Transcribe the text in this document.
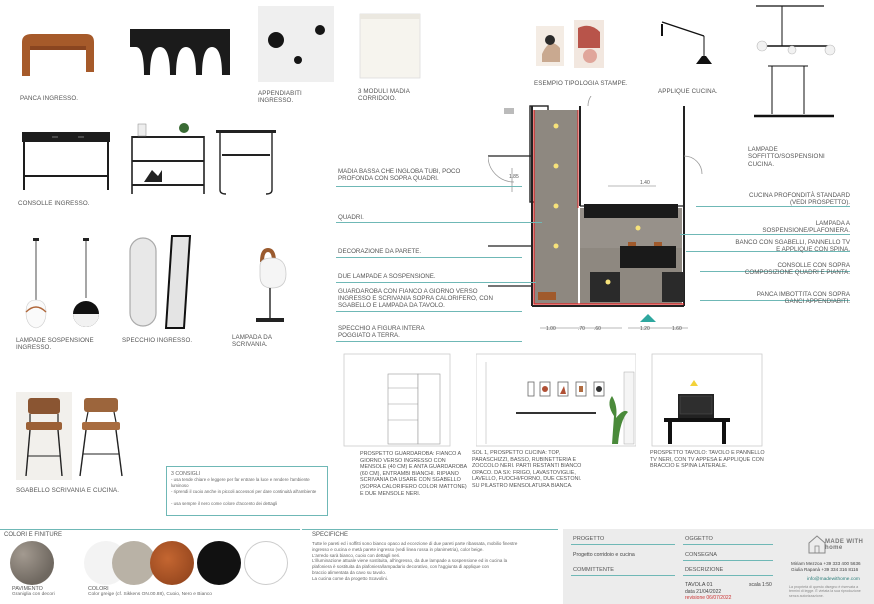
PANCA INGRESSO.
APPENDIABITI INGRESSO.
3 MODULI MADIA CORRIDOIO.
ESEMPIO TIPOLOGIA STAMPE.
APPLIQUE CUCINA.
LAMPADE SOFFITTO/SOSPENSIONI CUCINA.
CONSOLLE INGRESSO.
LAMPADE SOSPENSIONE INGRESSO.
SPECCHIO INGRESSO.	LAMPADA DA SCRIVANIA.
SGABELLO SCRIVANIA E CUCINA.
1.85
1.40
1.00	.70 .60	1.20	1.60
MADIA BASSA CHE INGLOBA TUBI, POCO PROFONDA CON SOPRA QUADRI.
QUADRI.
DECORAZIONE DA PARETE.
DUE LAMPADE A SOSPENSIONE.
GUARDAROBA CON FIANCO A GIORNO VERSO INGRESSO E SCRIVANIA SOPRA CALORIFERO, CON SGABELLO E LAMPADA DA TAVOLO.
SPECCHIO A FIGURA INTERA POGGIATO A TERRA.
CUCINA PROFONDITÀ STANDARD (VEDI PROSPETTO).
LAMPADA A SOSPENSIONE/PLAFONIERA.
BANCO CON SGABELLI, PANNELLO TV E APPLIQUE CON SPINA.
CONSOLLE CON SOPRA COMPOSIZIONE QUADRI E PIANTA.
PANCA IMBOTTITA CON SOPRA GANCI APPENDIABITI.
PROSPETTO GUARDAROBA: FIANCO A GIORNO VERSO INGRESSO CON MENSOLE (40 CM) E ANTA GUARDAROBA (60 CM), ENTRAMBI BIANCHI. RIPIANO SCRIVANIA DA USARE CON SGABELLO (SOPRA CALORIFERO COLOR MATTONE) E DUE MENSOLE NERI.
SOL 1, PROSPETTO CUCINA: TOP, PARASCHIZZI, BASSO, RUBINETTERIA E ZOCCOLO NERI. PARTI RESTANTI BIANCO OPACO. DA SX: FRIGO, LAVASTOVIGLIE, LAVELLO, FUOCHI/FORNO, DUE CESTONI. SU PILASTRO MENSOLATURA BIANCA.
PROSPETTO TAVOLO: TAVOLO E PANNELLO TV NERI, CON TV APPESA E APPLIQUE CON BRACCIO E SPINA LATERALE.
3 CONSIGLI
- usa tende chiare e leggere per far entrare la luce e rendere l'ambiente luminoso
- riprendi il cuoio anche in piccoli accessori per dare continuità all'ambiente
- usa sempre il nero come colore d'accento dei dettagli
COLORI E FINITURE
PAVIMENTO
Graniglia con decori
COLORI
Color greige (cf. Sikkens ON.00.88), Cuoio, Nero e Bianco
SPECIFICHE
Tutte le pareti ed i soffitti sono bianco opaco ad eccezione di due pareti parte ribassata, mobilio finestre
ingresso e cucina e metà parete ingresso (vedi linea rossa in planimetria), color beige.
L'arredo sarà bianco, cuoio con dettagli neri.
L'illuminazione attuale viene sostituita, all'ingresso, da due lampade a sospensione ed in cucina la
plafoniera è sostituita da plafoniera/lampadario decorativo, con l'aggiunta di applique con
braccio alimentata da cavo su tavolo.
La cucina come da progetto Scavolini.
PROGETTO
Progetto corridoio e cucina
COMMITTENTE
OGGETTO
CONSEGNA
DESCRIZIONE
TAVOLA 01	scala 1:50
data 21/04/2022
revisione 06/07/2022
MADE WITH home
Miriam Mezzoa +39 333 400 5636
Giulia Rapanà +39 334 316 8116
info@madewithome.com
La proprietà di questo disegno è riservata a termini di legge. È vietata la sua riproduzione senza autorizzazione.
